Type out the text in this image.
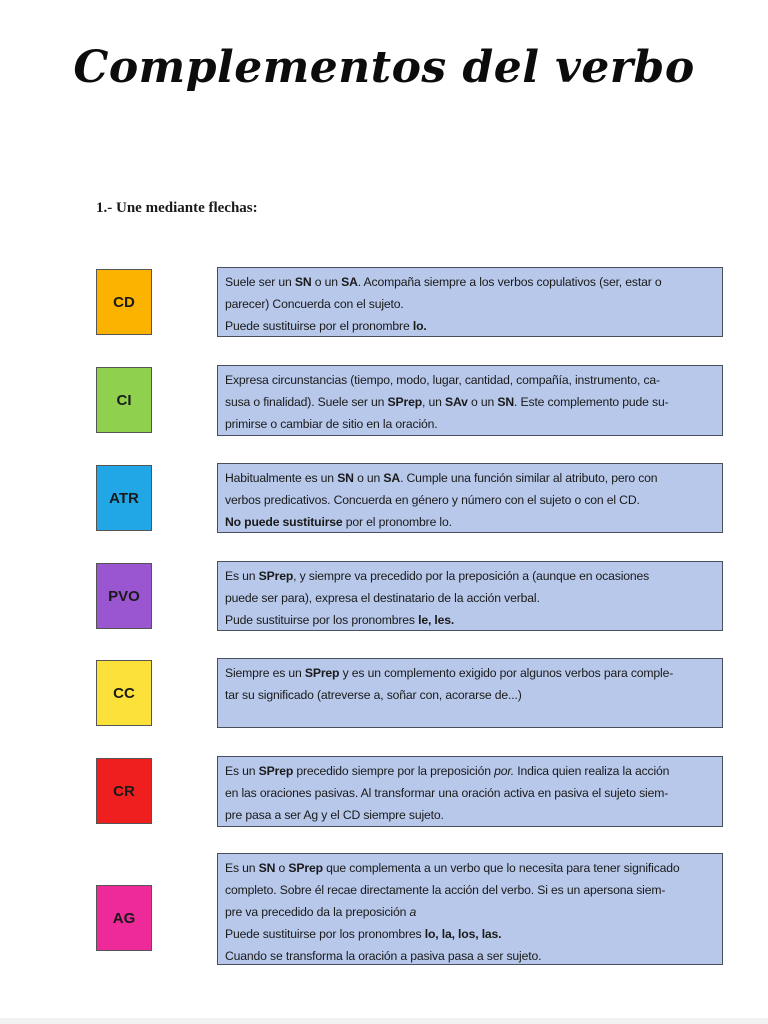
Complementos del verbo
1.- Une mediante flechas:
CD
CI
ATR
PVO
CC
CR
AG
Suele ser un SN o un SA. Acompaña siempre a los verbos copulativos (ser, estar o
parecer) Concuerda con el sujeto.
Puede sustituirse por el pronombre lo.
Expresa circunstancias (tiempo, modo, lugar, cantidad, compañía, instrumento, ca-
susa o finalidad). Suele ser un SPrep, un SAv o un SN. Este complemento pude su-
primirse o cambiar de sitio en la oración.
Habitualmente es un SN o un SA. Cumple una función similar al atributo, pero con
verbos predicativos. Concuerda en género y número con el sujeto o con el CD.
No puede sustituirse por el pronombre lo.
Es un SPrep, y siempre va precedido por la preposición a (aunque en ocasiones
puede ser para), expresa el destinatario de la acción verbal.
Pude sustituirse por los pronombres le, les.
Siempre es un SPrep y es un complemento exigido por algunos verbos para comple-
tar su significado (atreverse a, soñar con, acorarse de...)
Es un SPrep precedido siempre por la preposición por. Indica quien realiza la acción
en las oraciones pasivas. Al transformar una oración activa en pasiva el sujeto siem-
pre pasa a ser Ag y el CD siempre sujeto.
Es un SN o SPrep que complementa a un verbo que lo necesita para tener significado
completo. Sobre él recae directamente la acción del verbo. Si es un apersona siem-
pre va precedido da la preposición a
Puede sustituirse por los pronombres lo, la, los, las.
Cuando se transforma la oración a pasiva pasa a ser sujeto.
